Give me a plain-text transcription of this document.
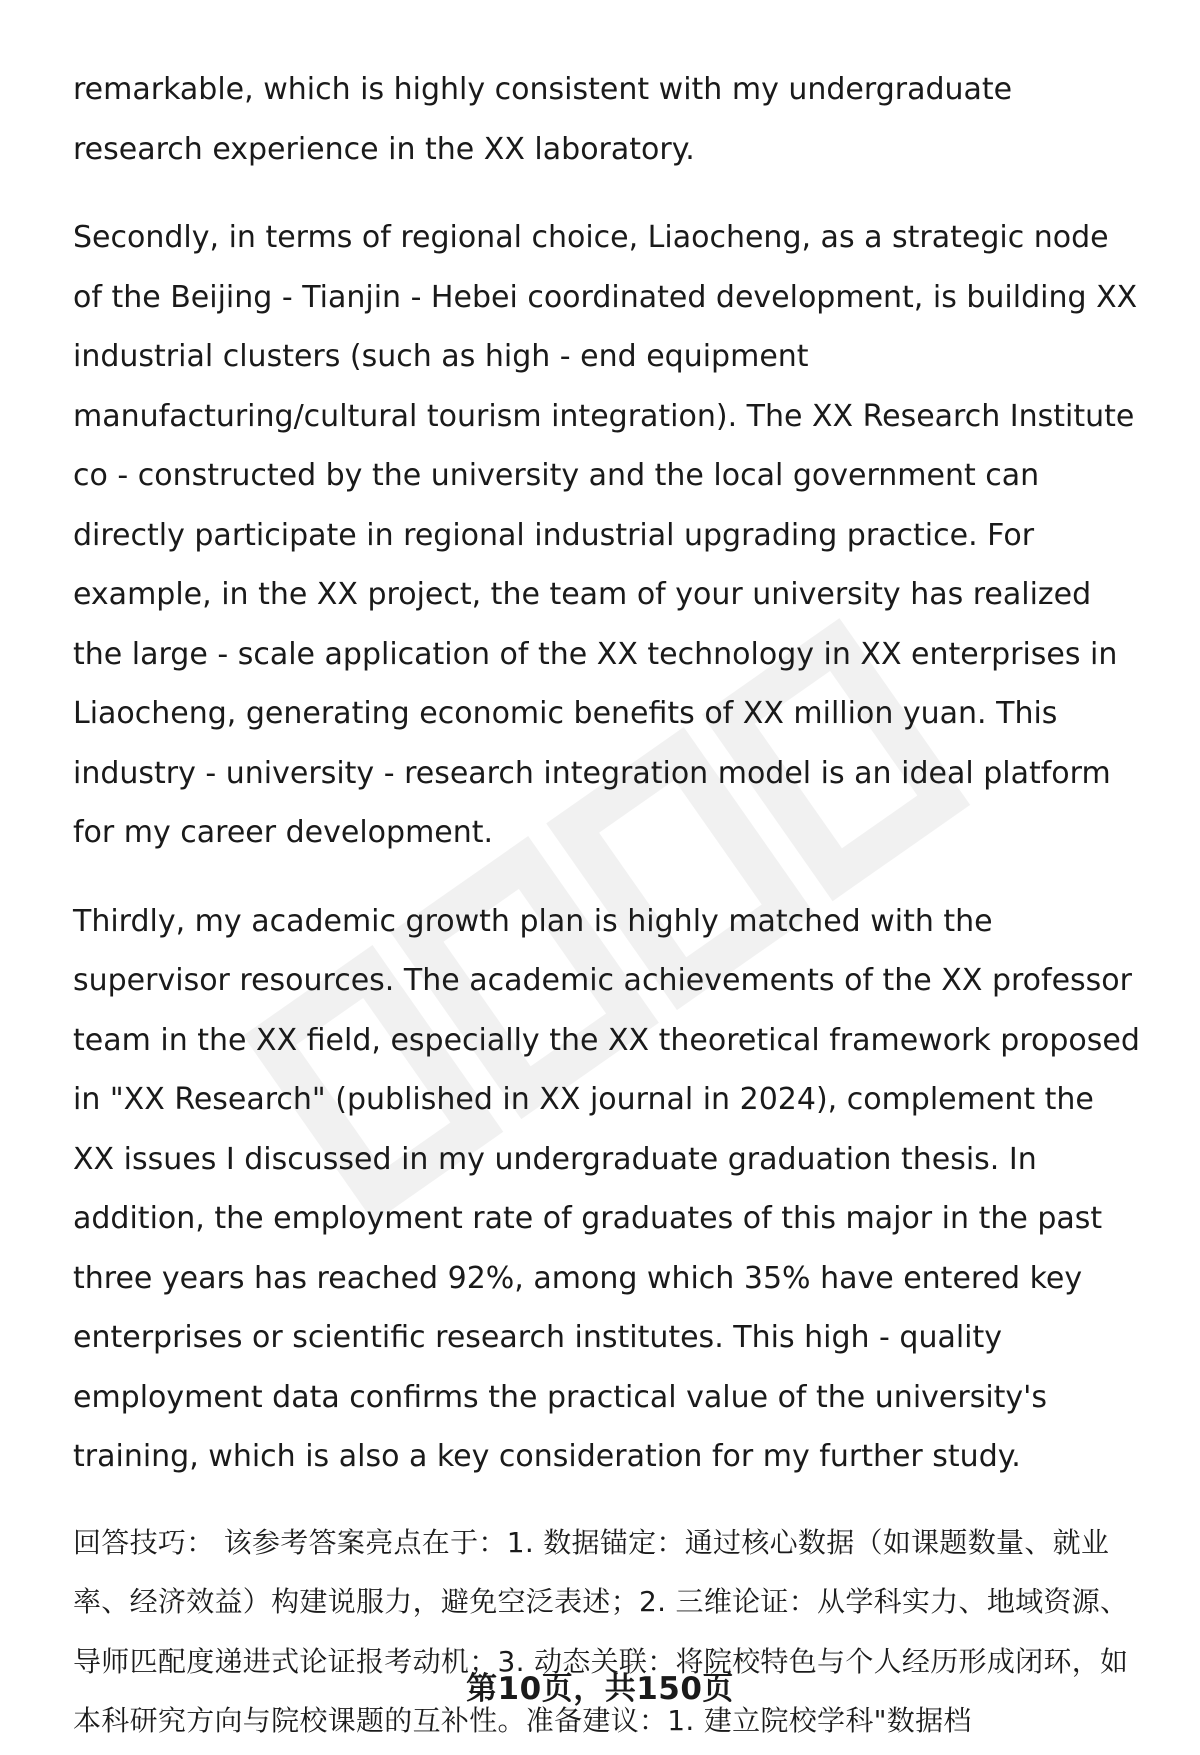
remarkable, which is highly consistent with my undergraduate research experience in the XX laboratory.

Secondly, in terms of regional choice, Liaocheng, as a strategic node of the Beijing - Tianjin - Hebei coordinated development, is building XX industrial clusters (such as high - end equipment manufacturing/cultural tourism integration). The XX Research Institute co - constructed by the university and the local government can directly participate in regional industrial upgrading practice. For example, in the XX project, the team of your university has realized the large - scale application of the XX technology in XX enterprises in Liaocheng, generating economic benefits of XX million yuan. This industry - university - research integration model is an ideal platform for my career development.

Thirdly, my academic growth plan is highly matched with the supervisor resources. The academic achievements of the XX professor team in the XX field, especially the XX theoretical framework proposed in "XX Research" (published in XX journal in 2024), complement the XX issues I discussed in my undergraduate graduation thesis. In addition, the employment rate of graduates of this major in the past three years has reached 92%, among which 35% have entered key enterprises or scientific research institutes. This high - quality employment data confirms the practical value of the university's training, which is also a key consideration for my further study.

回答技巧： 该参考答案亮点在于：1. 数据锚定：通过核心数据（如课题数量、就业率、经济效益）构建说服力，避免空泛表述；2. 三维论证：从学科实力、地域资源、导师匹配度递进式论证报考动机；3. 动态关联：将院校特色与个人经历形成闭环，如本科研究方向与院校课题的互补性。准备建议：1. 建立院校学科"数据档

第10页，共150页
